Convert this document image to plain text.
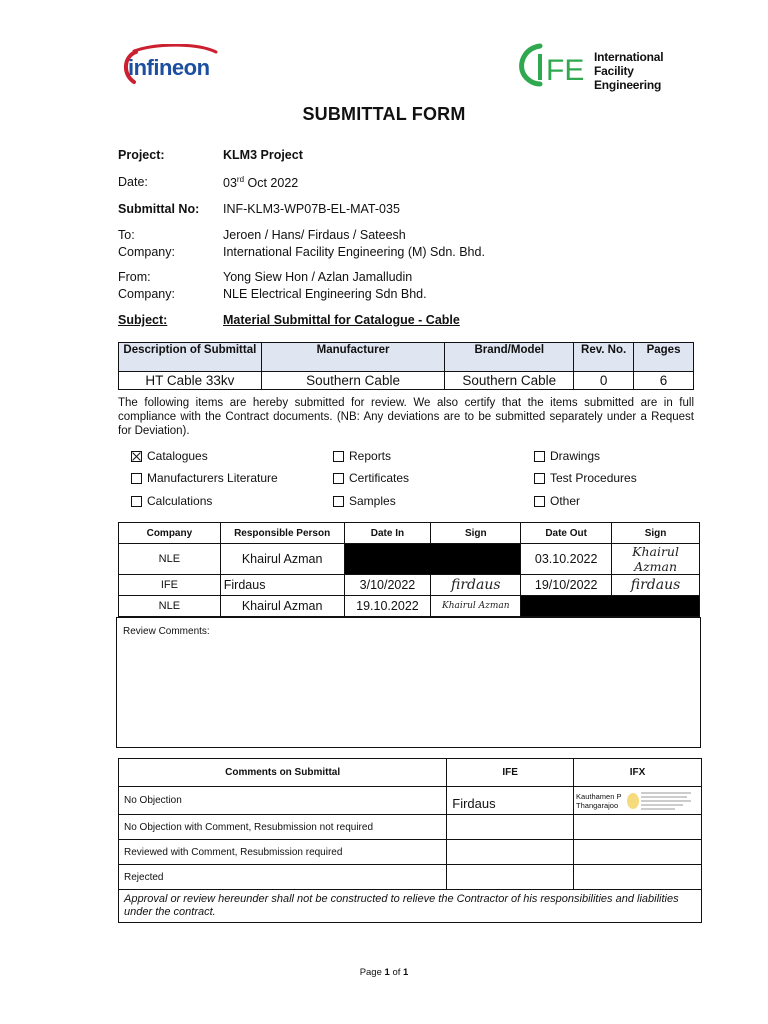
infineon	FE International
Facility Engineering
SUBMITTAL FORM
Project:	KLM3 Project
Date:	03rd Oct 2022
Submittal No: INF-KLM3-WP07B-EL-MAT-035
To:	Jeroen / Hans/ Firdaus / Sateesh
Company:	International Facility Engineering (M) Sdn. Bhd.
From:	Yong Siew Hon / Azlan Jamalludin
Company:	NLE Electrical Engineering Sdn Bhd.
Subject:	Material Submittal for Catalogue - Cable
Description of Submittal	Manufacturer	Brand/Model	Rev. No.	Pages
HT Cable 33kv	Southern Cable	Southern Cable	0	6
The following items are hereby submitted for review. We also certify that the items submitted are in full compliance with the Contract documents. (NB: Any deviations are to be submitted separately under a Request for Deviation).
Catalogues	Reports	Drawings
Manufacturers Literature	Certificates	Test Procedures
Calculations	Samples	Other
Company	Responsible Person	Date In	Sign	Date Out	Sign
NLE	Khairul Azman			03.10.2022	Khairul Azman
IFE	Firdaus	3/10/2022	firdaus	19/10/2022	firdaus
NLE	Khairul Azman	19.10.2022	Khairul Azman		
Review Comments:
Comments on Submittal	IFE	IFX
No Objection	Firdaus	Kauthamen P
Thangarajoo

No Objection with Comment, Resubmission not required		
Reviewed with Comment, Resubmission required		
Rejected		
Approval or review hereunder shall not be constructed to relieve the Contractor of his responsibilities and liabilities under the contract.		
Page 1 of 1
